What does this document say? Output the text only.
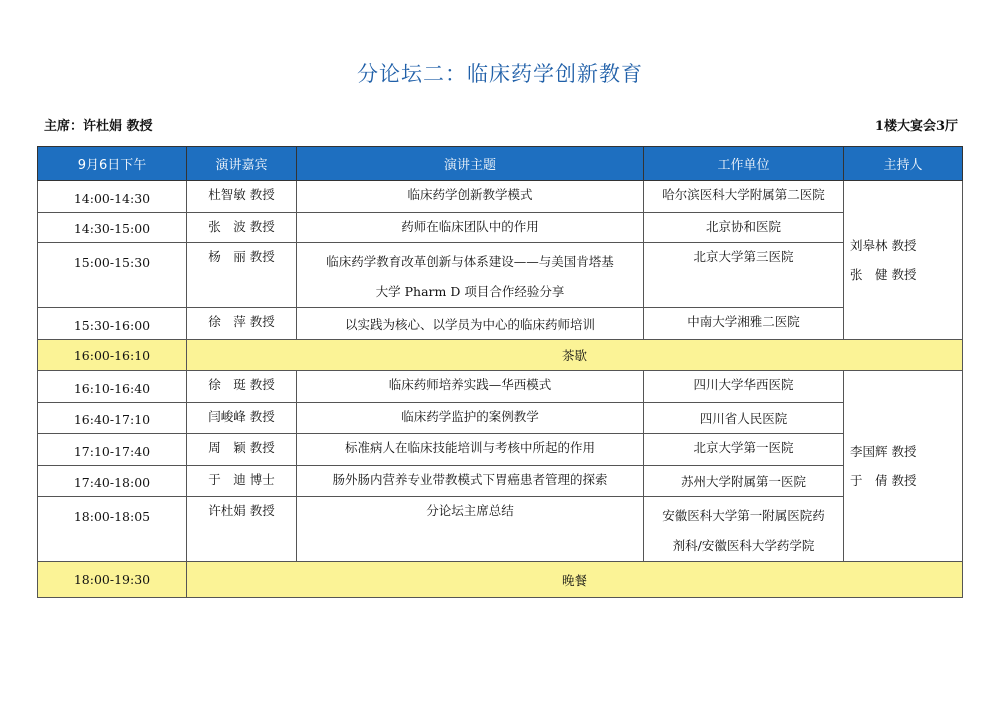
分论坛二：临床药学创新教育
主席：许杜娟 教授	1楼大宴会3厅
9月6日下午	演讲嘉宾	演讲主题	工作单位	主持人
14:00-14:30	杜智敏 教授	临床药学创新教学模式	哈尔滨医科大学附属第二医院	刘皋林 教授
张　健 教授

14:30-15:00	张　波 教授	药师在临床团队中的作用	北京协和医院	
15:00-15:30	杨　丽 教授	临床药学教育改革创新与体系建设——与美国肯塔基
大学 Pharm D 项目合作经验分享	北京大学第三医院	
15:30-16:00	徐　萍 教授	以实践为核心、以学员为中心的临床药师培训	中南大学湘雅二医院	
16:00-16:10	茶歇			
16:10-16:40	徐　珽 教授	临床药师培养实践—华西模式	四川大学华西医院	李国辉 教授
于　倩 教授

16:40-17:10	闫峻峰 教授	临床药学监护的案例教学	四川省人民医院	
17:10-17:40	周　颖 教授	标准病人在临床技能培训与考核中所起的作用	北京大学第一医院	
17:40-18:00	于　迪 博士	肠外肠内营养专业带教模式下胃癌患者管理的探索	苏州大学附属第一医院	
18:00-18:05	许杜娟 教授	分论坛主席总结	安徽医科大学第一附属医院药
剂科/安徽医科大学药学院	

18:00-19:30	晚餐			
